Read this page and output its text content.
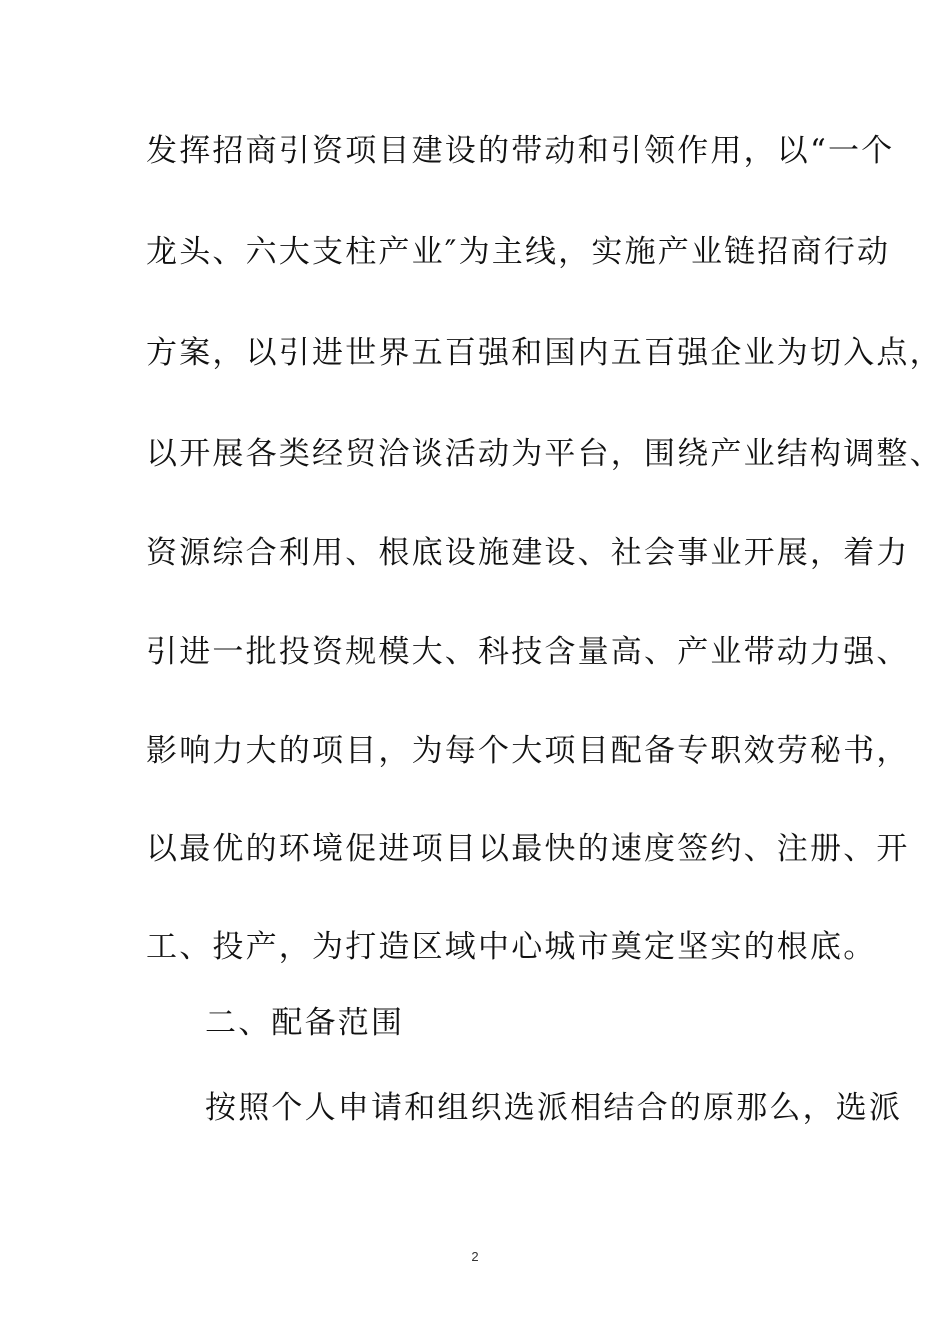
发挥招商引资项目建设的带动和引领作用，以“一个
龙头、六大支柱产业″为主线，实施产业链招商行动
方案，以引进世界五百强和国内五百强企业为切入点，
以开展各类经贸洽谈活动为平台，围绕产业结构调整、
资源综合利用、根底设施建设、社会事业开展，着力
引进一批投资规模大、科技含量高、产业带动力强、
影响力大的项目，为每个大项目配备专职效劳秘书，
以最优的环境促进项目以最快的速度签约、注册、开
工、投产，为打造区域中心城市奠定坚实的根底。
二、配备范围
按照个人申请和组织选派相结合的原那么，选派
2
